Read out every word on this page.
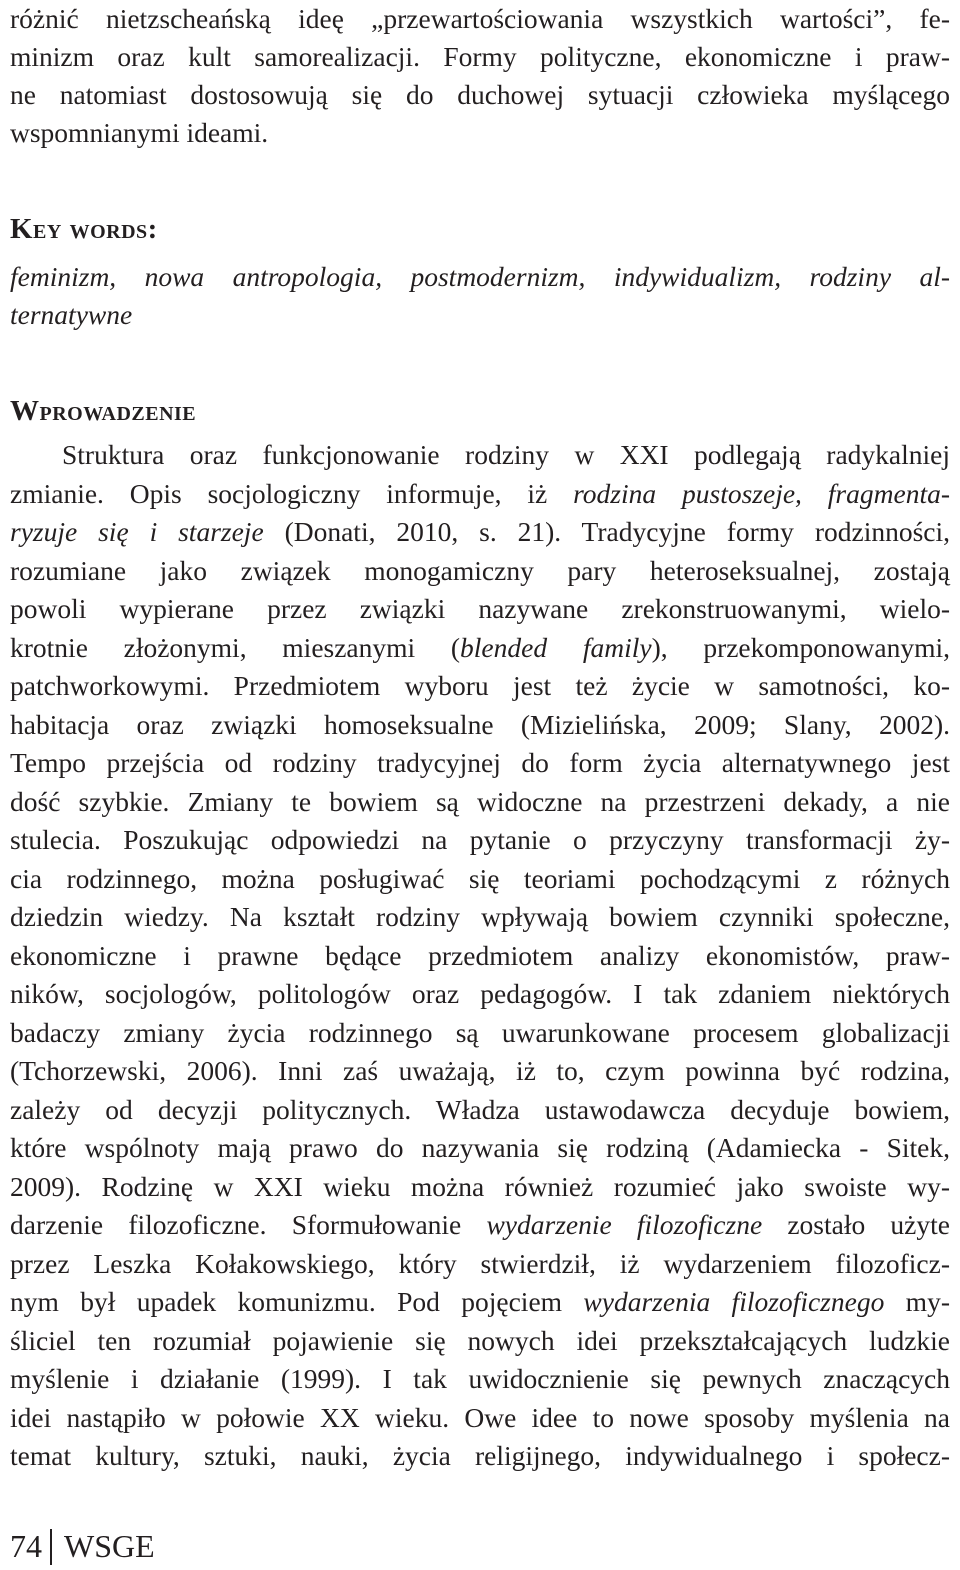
różnić nietzscheańską ideę „przewartościowania wszystkich wartości”, fe-
minizm oraz kult samorealizacji. Formy polityczne, ekonomiczne i praw-
ne natomiast dostosowują się do duchowej sytuacji człowieka myślącego
wspomnianymi ideami.
Key words:
feminizm, nowa antropologia, postmodernizm, indywidualizm, rodziny al-
ternatywne
Wprowadzenie
Struktura oraz funkcjonowanie rodziny w XXI podlegają radykalniej
zmianie. Opis socjologiczny informuje, iż rodzina pustoszeje, fragmenta-
ryzuje się i starzeje (Donati, 2010, s. 21). Tradycyjne formy rodzinności,
rozumiane jako związek monogamiczny pary heteroseksualnej, zostają
powoli wypierane przez związki nazywane zrekonstruowanymi, wielo-
krotnie złożonymi, mieszanymi (blended family), przekomponowanymi,
patchworkowymi. Przedmiotem wyboru jest też życie w samotności, ko-
habitacja oraz związki homoseksualne (Mizielińska, 2009; Slany, 2002).
Tempo przejścia od rodziny tradycyjnej do form życia alternatywnego jest
dość szybkie. Zmiany te bowiem są widoczne na przestrzeni dekady, a nie
stulecia. Poszukując odpowiedzi na pytanie o przyczyny transformacji ży-
cia rodzinnego, można posługiwać się teoriami pochodzącymi z różnych
dziedzin wiedzy. Na kształt rodziny wpływają bowiem czynniki społeczne,
ekonomiczne i prawne będące przedmiotem analizy ekonomistów, praw-
ników, socjologów, politologów oraz pedagogów. I tak zdaniem niektórych
badaczy zmiany życia rodzinnego są uwarunkowane procesem globalizacji
(Tchorzewski, 2006). Inni zaś uważają, iż to, czym powinna być rodzina,
zależy od decyzji politycznych. Władza ustawodawcza decyduje bowiem,
które wspólnoty mają prawo do nazywania się rodziną (Adamiecka - Sitek,
2009). Rodzinę w XXI wieku można również rozumieć jako swoiste wy-
darzenie filozoficzne. Sformułowanie wydarzenie filozoficzne zostało użyte
przez Leszka Kołakowskiego, który stwierdził, iż wydarzeniem filozoficz-
nym był upadek komunizmu. Pod pojęciem wydarzenia filozoficznego my-
śliciel ten rozumiał pojawienie się nowych idei przekształcających ludzkie
myślenie i działanie (1999). I tak uwidocznienie się pewnych znaczących
idei nastąpiło w połowie XX wieku. Owe idee to nowe sposoby myślenia na
temat kultury, sztuki, nauki, życia religijnego, indywidualnego i społecz-
74 WSGE
